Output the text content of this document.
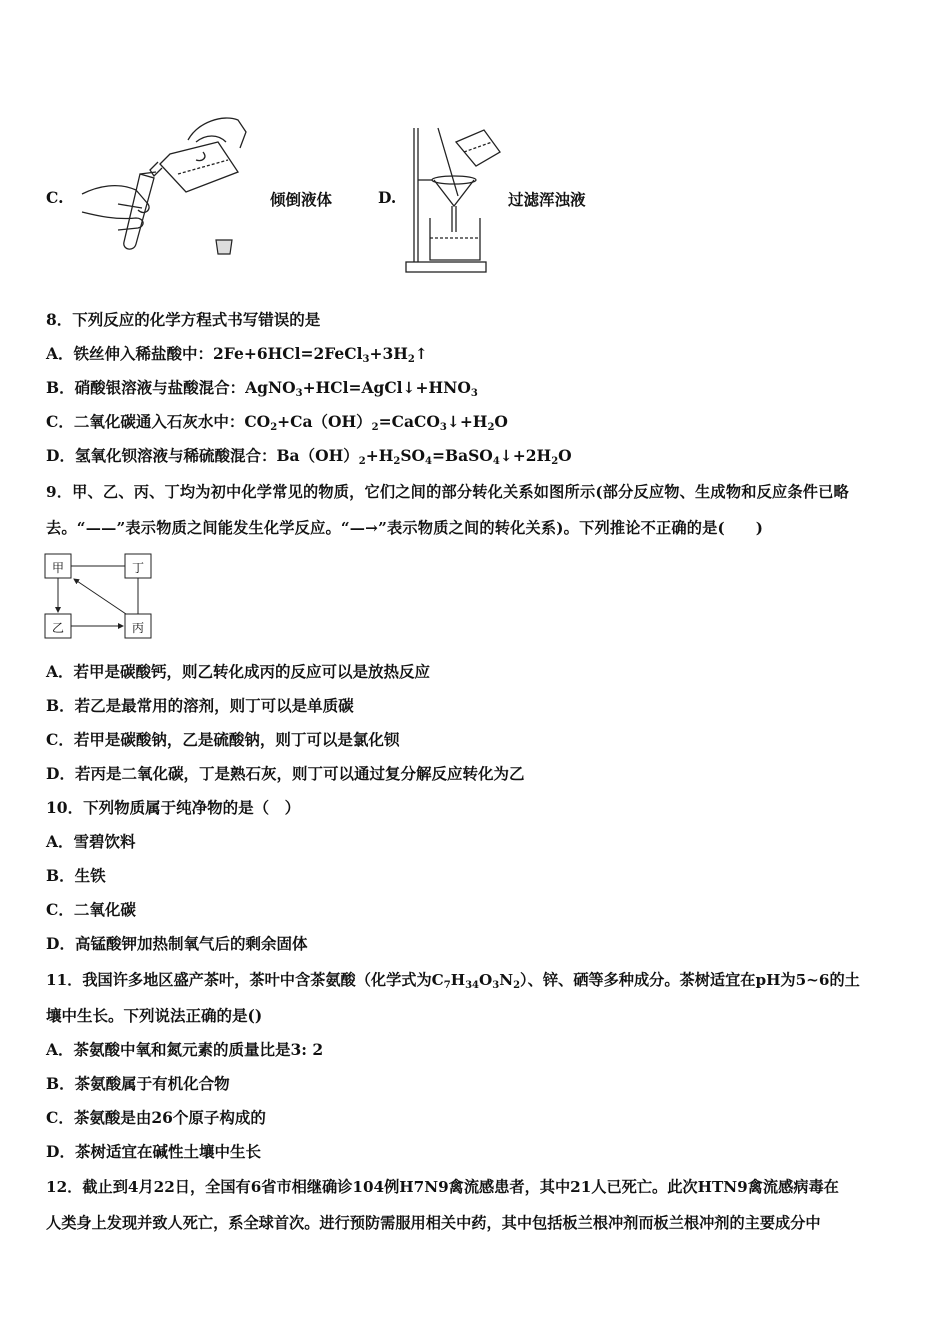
C.	倾倒液体	D.	过滤浑浊液
8．下列反应的化学方程式书写错误的是
A．铁丝伸入稀盐酸中：$2Fe+6HCl=2FeCl_3+3H_2↑$
B．硝酸银溶液与盐酸混合：$AgNO_3+HCl=AgCl↓+HNO_3$
C．二氧化碳通入石灰水中：$CO_2+Ca(OH)_2=CaCO_3↓+H_2O$
D．氢氧化钡溶液与稀硫酸混合：$Ba(OH)_2+H_2SO_4=BaSO_4↓+2H_2O$
9．甲、乙、丙、丁均为初中化学常见的物质，它们之间的部分转化关系如图所示(部分反应物、生成物和反应条件已略
去。“——”表示物质之间能发生化学反应。“—→”表示物质之间的转化关系)。下列推论不正确的是(　　)
甲	丁
乙	丙
A．若甲是碳酸钙，则乙转化成丙的反应可以是放热反应
B．若乙是最常用的溶剂，则丁可以是单质碳
C．若甲是碳酸钠，乙是硫酸钠，则丁可以是氯化钡
D．若丙是二氧化碳，丁是熟石灰，则丁可以通过复分解反应转化为乙
10．下列物质属于纯净物的是（　）
A．雪碧饮料
B．生铁
C．二氧化碳
D．高锰酸钾加热制氧气后的剩余固体
11．我国许多地区盛产茶叶，茶叶中含茶氨酸（化学式为$C_7H_{34}O_3N_2$）、锌、硒等多种成分。茶树适宜在pH为5~6的土
壤中生长。下列说法正确的是()
A．茶氨酸中氧和氮元素的质量比是3: 2
B．茶氨酸属于有机化合物
C．茶氨酸是由26个原子构成的
D．茶树适宜在碱性土壤中生长
12．截止到4月22日，全国有6省市相继确诊104例H7N9禽流感患者，其中21人已死亡。此次HTN9禽流感病毒在
人类身上发现并致人死亡，系全球首次。进行预防需服用相关中药，其中包括板兰根冲剂而板兰根冲剂的主要成分中
